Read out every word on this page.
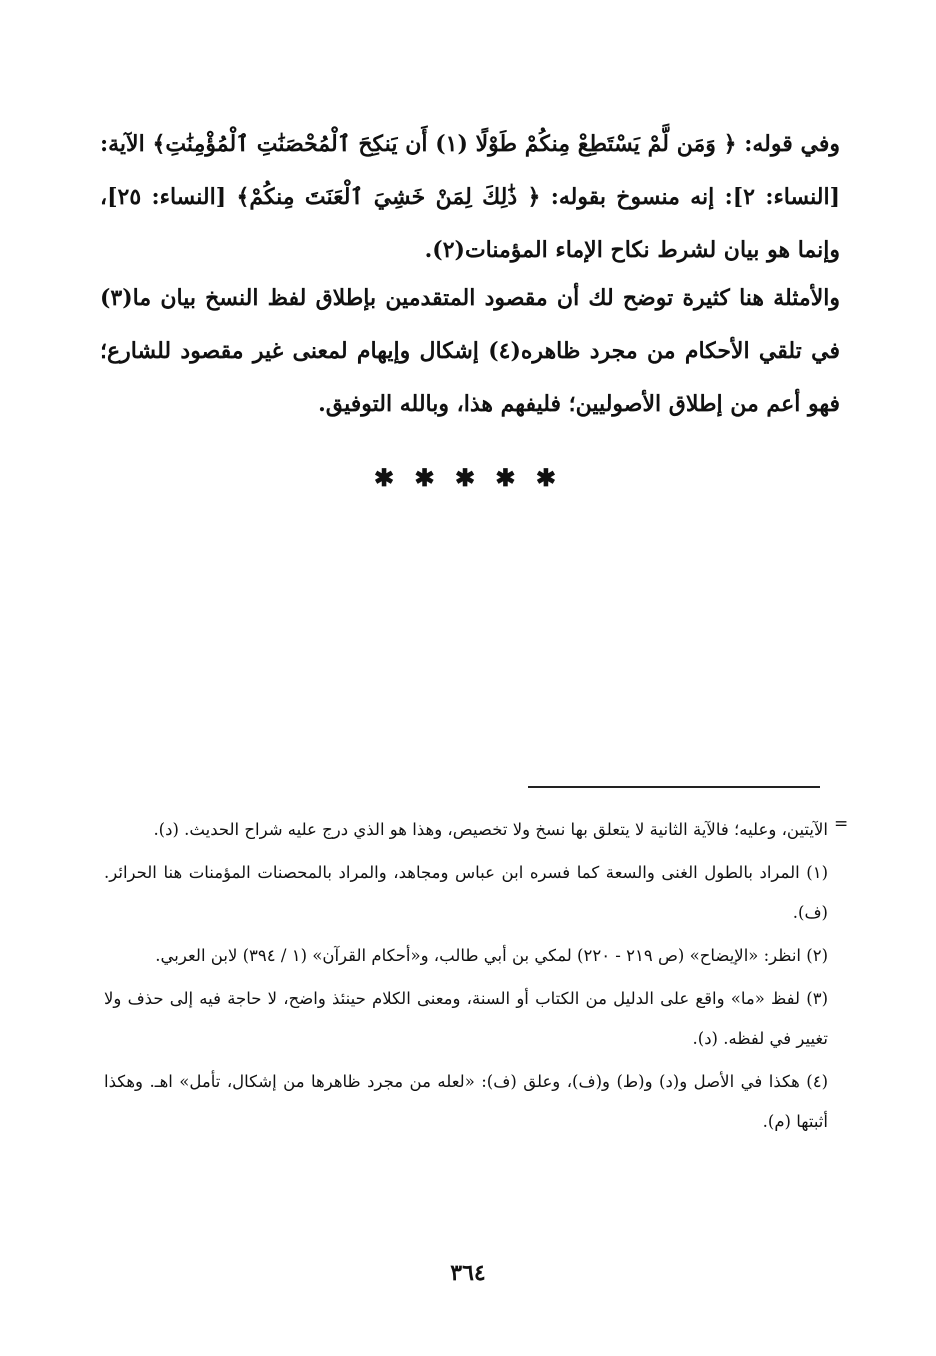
وفي قوله: ﴿ وَمَن لَّمْ يَسْتَطِعْ مِنكُمْ طَوْلًا (١) أَن يَنكِحَ ٱلْمُحْصَنَٰتِ ٱلْمُؤْمِنَٰتِ﴾ الآية: [النساء: ٢]: إنه منسوخ بقوله: ﴿ ذَٰلِكَ لِمَنْ خَشِيَ ٱلْعَنَتَ مِنكُمْ﴾ [النساء: ٢٥]، وإنما هو بيان لشرط نكاح الإماء المؤمنات(٢).

والأمثلة هنا كثيرة توضح لك أن مقصود المتقدمين بإطلاق لفظ النسخ بيان ما(٣) في تلقي الأحكام من مجرد ظاهره(٤) إشكال وإيهام لمعنى غير مقصود للشارع؛ فهو أعم من إطلاق الأصوليين؛ فليفهم هذا، وبالله التوفيق.

✱ ✱ ✱ ✱ ✱
=

الآيتين، وعليه؛ فالآية الثانية لا يتعلق بها نسخ ولا تخصيص، وهذا هو الذي درج عليه شراح الحديث. (د).

(١) المراد بالطول الغنى والسعة كما فسره ابن عباس ومجاهد، والمراد بالمحصنات المؤمنات هنا الحرائر. (ف).

(٢) انظر: «الإيضاح» (ص ٢١٩ - ٢٢٠) لمكي بن أبي طالب، و«أحكام القرآن» (١ / ٣٩٤) لابن العربي.

(٣) لفظ «ما» واقع على الدليل من الكتاب أو السنة، ومعنى الكلام حينئذ واضح، لا حاجة فيه إلى حذف ولا تغيير في لفظه. (د).

(٤) هكذا في الأصل و(د) و(ط) و(ف)، وعلق (ف): «لعله من مجرد ظاهرها من إشكال، تأمل» اهـ. وهكذا أثبتها (م).

٣٦٤
